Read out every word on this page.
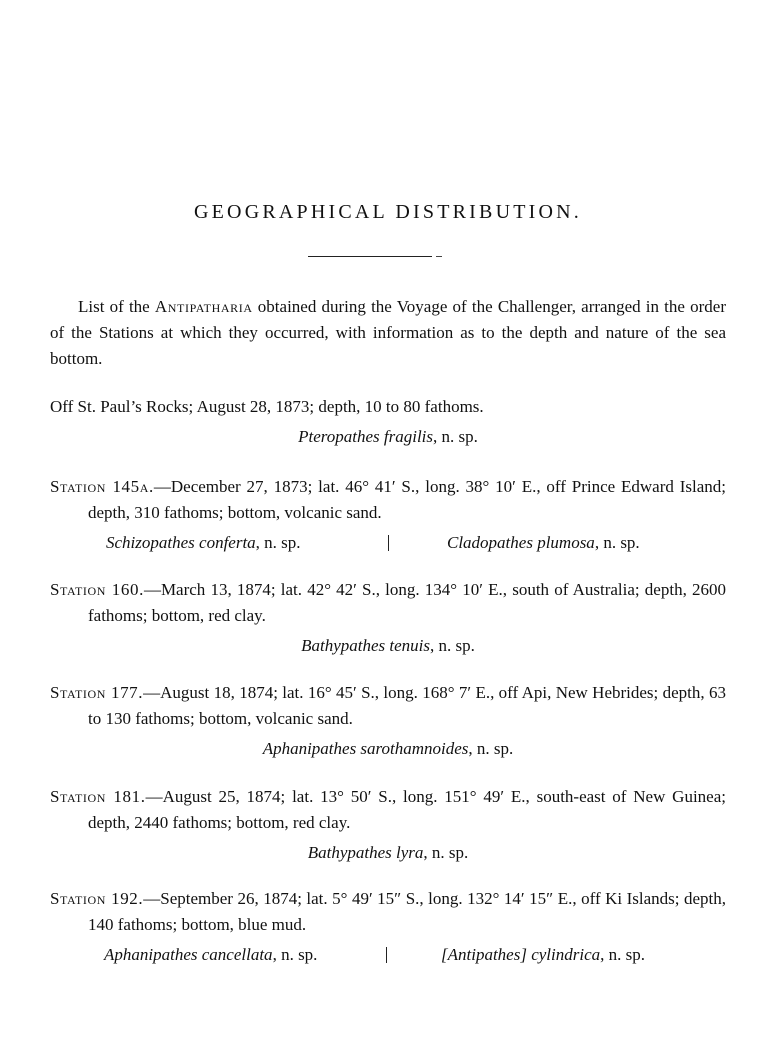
GEOGRAPHICAL DISTRIBUTION.

List of the Antipatharia obtained during the Voyage of the Challenger, arranged in the order of the Stations at which they occurred, with information as to the depth and nature of the sea bottom.

Off St. Paul’s Rocks; August 28, 1873; depth, 10 to 80 fathoms.

Pteropathes fragilis, n. sp.

Station 145a.—December 27, 1873; lat. 46° 41′ S., long. 38° 10′ E., off Prince Edward Island; depth, 310 fathoms; bottom, volcanic sand.

Schizopathes conferta, n. sp.	Cladopathes plumosa, n. sp.

Station 160.—March 13, 1874; lat. 42° 42′ S., long. 134° 10′ E., south of Australia; depth, 2600 fathoms; bottom, red clay.

Bathypathes tenuis, n. sp.

Station 177.—August 18, 1874; lat. 16° 45′ S., long. 168° 7′ E., off Api, New Hebrides; depth, 63 to 130 fathoms; bottom, volcanic sand.

Aphanipathes sarothamnoides, n. sp.

Station 181.—August 25, 1874; lat. 13° 50′ S., long. 151° 49′ E., south-east of New Guinea; depth, 2440 fathoms; bottom, red clay.

Bathypathes lyra, n. sp.

Station 192.—September 26, 1874; lat. 5° 49′ 15″ S., long. 132° 14′ 15″ E., off Ki Islands; depth, 140 fathoms; bottom, blue mud.

Aphanipathes cancellata, n. sp.	[Antipathes] cylindrica, n. sp.
